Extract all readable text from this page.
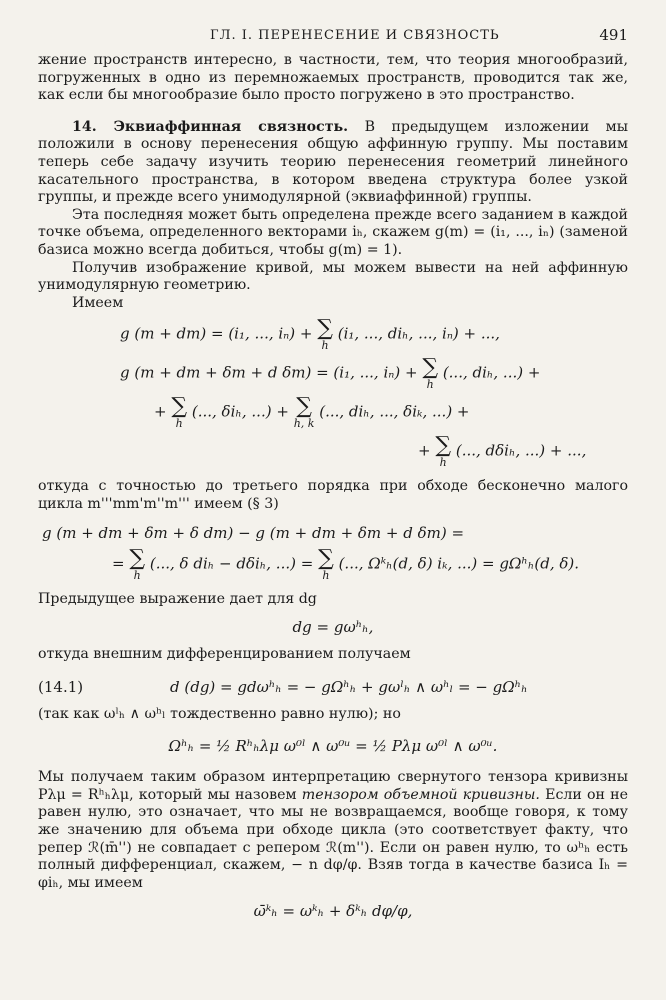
ГЛ. I. ПЕРЕНЕСЕНИЕ И СВЯЗНОСТЬ	491

жение пространств интересно, в частности, тем, что теория многообразий, погруженных в одно из перемножаемых пространств, проводится так же, как если бы многообразие было просто погружено в это пространство.

14. Эквиаффинная связность. В предыдущем изложении мы положили в основу перенесения общую аффинную группу. Мы поставим теперь себе задачу изучить теорию перенесения геометрий линейного касательного пространства, в котором введена структура более узкой группы, и прежде всего унимодулярной (эквиаффинной) группы.

Эта последняя может быть определена прежде всего заданием в каждой точке объема, определенного векторами iₕ, скажем g(m) = (i₁, ..., iₙ) (заменой базиса можно всегда добиться, чтобы g(m) = 1).

Получив изображение кривой, мы можем вывести на ней аффинную унимодулярную геометрию.

Имеем

g (m + dm) = (i₁, ..., iₙ) + ∑
h
(i₁, ..., diₕ, ..., iₙ) + ...,
g (m + dm + δm + d δm) = (i₁, ..., iₙ) + ∑
h
(..., diₕ, ...) +
+ ∑
h
(..., δiₕ, ...) + ∑
h, k
(..., diₕ, ..., δiₖ, ...) +
+ ∑
h
(..., dδiₕ, ...) + ...,

откуда с точностью до третьего порядка при обходе бесконечно малого цикла m'''mm'm''m''' имеем (§ 3)

g (m + dm + δm + δ dm) − g (m + dm + δm + d δm) =
= ∑
h
(..., δ diₕ − dδiₕ, ...) = ∑
h
(..., Ωᵏₕ(d, δ) iₖ, ...) = gΩʰₕ(d, δ).

Предыдущее выражение дает для dg

dg = gωʰₕ,

откуда внешним дифференцированием получаем

(14.1)	d (dg) = gdωʰₕ = − gΩʰₕ + gωˡₕ ∧ ωʰₗ = − gΩʰₕ

(так как ωˡₕ ∧ ωʰₗ тождественно равно нулю); но

Ωʰₕ = ½ Rʰₕλμ ω⁰ˡ ∧ ω⁰ᵘ = ½ Pλμ ω⁰ˡ ∧ ω⁰ᵘ.

Мы получаем таким образом интерпретацию свернутого тензора кривизны Pλμ = Rʰₕλμ, который мы назовем тензором объемной кривизны. Если он не равен нулю, это означает, что мы не возвращаемся, вообще говоря, к тому же значению для объема при обходе цикла (это соответствует факту, что репер ℛ(m̄'') не совпадает с репером ℛ(m''). Если он равен нулю, то ωʰₕ есть полный дифференциал, скажем, − n dφ/φ. Взяв тогда в качестве базиса Iₕ = φiₕ, мы имеем

ω̄ᵏₕ = ωᵏₕ + δᵏₕ dφ/φ,
